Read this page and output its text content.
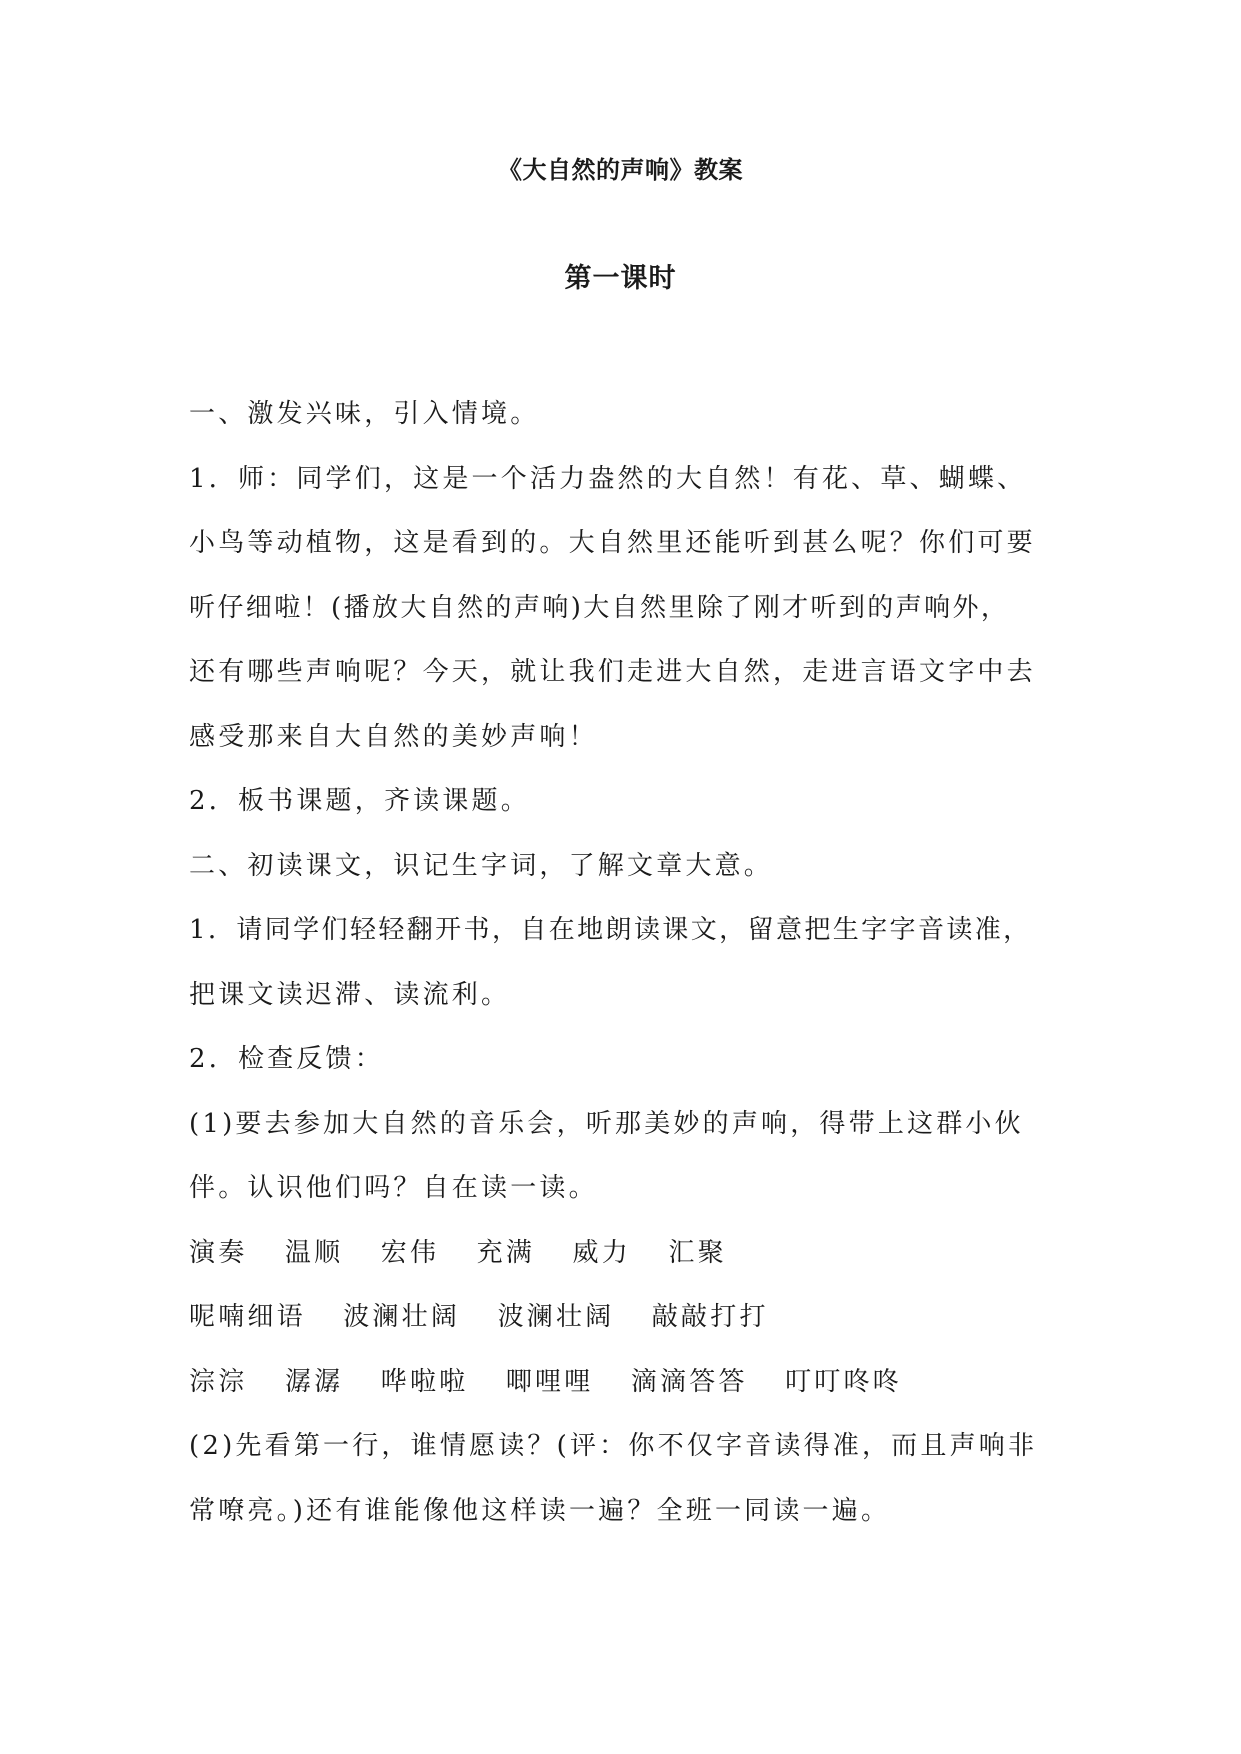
《大自然的声响》教案
第一课时
一、激发兴味，引入情境。
1．师：同学们，这是一个活力盎然的大自然！有花、草、蝴蝶、
小鸟等动植物，这是看到的。大自然里还能听到甚么呢？你们可要
听仔细啦！(播放大自然的声响)大自然里除了刚才听到的声响外，
还有哪些声响呢？今天，就让我们走进大自然，走进言语文字中去
感受那来自大自然的美妙声响！
2．板书课题，齐读课题。
二、初读课文，识记生字词，了解文章大意。
1．请同学们轻轻翻开书，自在地朗读课文，留意把生字字音读准，
把课文读迟滞、读流利。
2．检查反馈：
(1)要去参加大自然的音乐会，听那美妙的声响，得带上这群小伙
伴。认识他们吗？自在读一读。
演奏 温顺 宏伟 充满 威力 汇聚
呢喃细语 波澜壮阔 波澜壮阔 敲敲打打
淙淙 潺潺 哗啦啦 唧哩哩 滴滴答答 叮叮咚咚
(2)先看第一行，谁情愿读？(评：你不仅字音读得准，而且声响非
常嘹亮。)还有谁能像他这样读一遍？全班一同读一遍。
